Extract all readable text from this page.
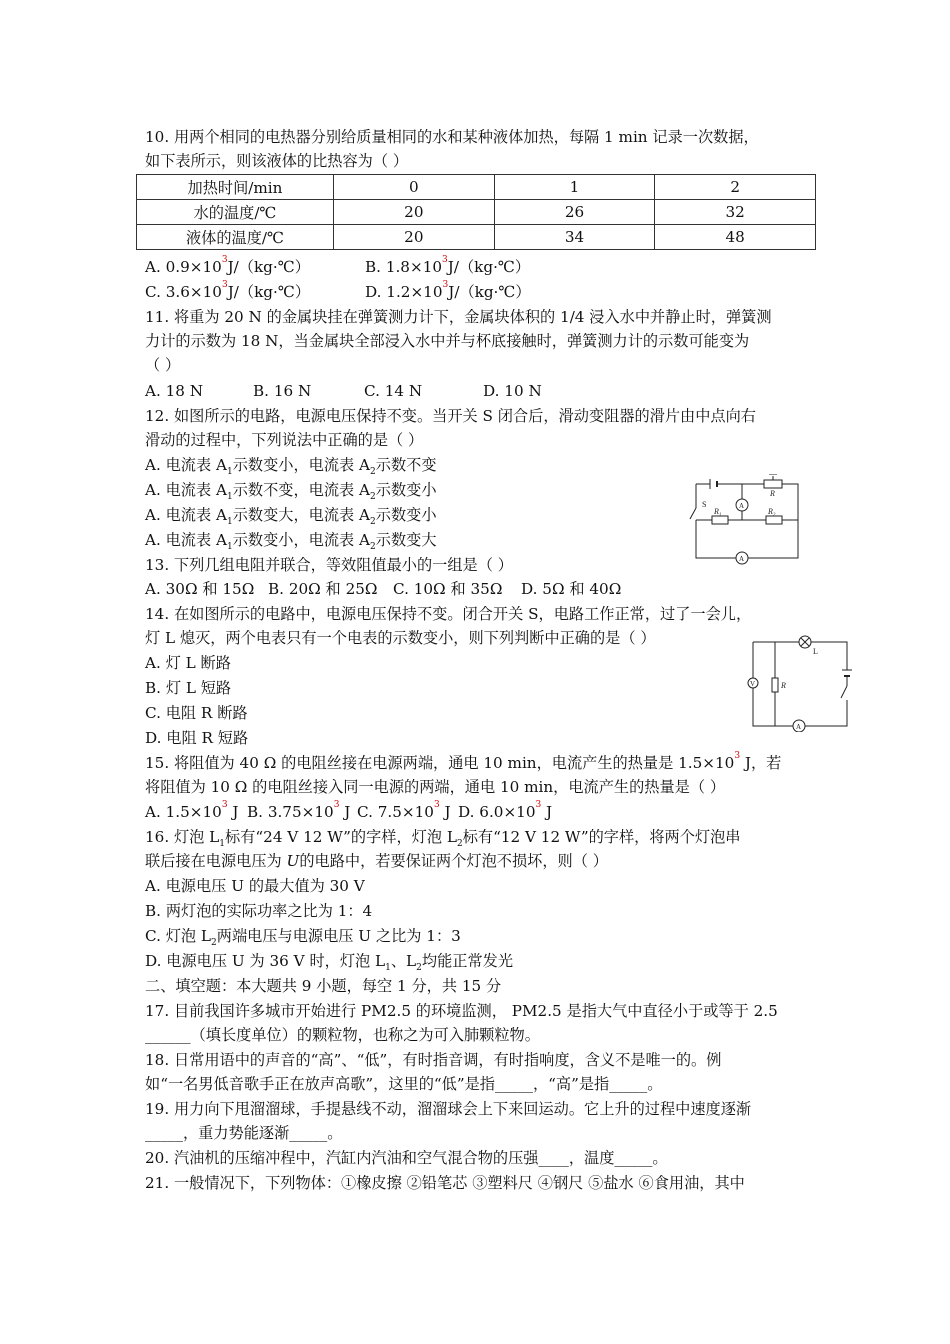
10. 用两个相同的电热器分别给质量相同的水和某种液体加热，每隔 1 min 记录一次数据，
如下表所示，则该液体的比热容为（ ）
加热时间/min	0	1	2
水的温度/℃	20	26	32
液体的温度/℃	20	34	48
A. $0.9\times 10^3J/(kg\cdot℃)$	B. $1.8\times 10^3J/(kg\cdot℃)$
C. $3.6\times 10^3J/(kg\cdot℃)$	D. $1.2\times 10^3J/(kg\cdot℃)$
11. 将重为 20 N 的金属块挂在弹簧测力计下，金属块体积的 1/4 浸入水中并静止时，弹簧测
力计的示数为 18 N，当金属块全部浸入水中并与杯底接触时，弹簧测力计的示数可能变为
（ ）
A. 18 N	B. 16 N	C. 14 N	D. 10 N
12. 如图所示的电路，电源电压保持不变。当开关 S 闭合后，滑动变阻器的滑片由中点向右
滑动的过程中，下列说法中正确的是（ ）
A. 电流表 A1示数变小，电流表 A2示数不变
A. 电流表 A1示数不变，电流表 A2示数变小
A. 电流表 A1示数变大，电流表 A2示数变小
A. 电流表 A1示数变小，电流表 A2示数变大
S
R
$R_1$	$R_2$
A
A
13. 下列几组电阻并联合，等效阻值最小的一组是（ ）
A. 30Ω 和 15Ω B. 20Ω 和 25Ω C. 10Ω 和 35Ω D. 5Ω 和 40Ω
14. 在如图所示的电路中，电源电压保持不变。闭合开关 S，电路工作正常，过了一会儿，
灯 L 熄灭，两个电表只有一个电表的示数变小，则下列判断中正确的是（ ）
A. 灯 L 断路
B. 灯 L 短路
C. 电阻 R 断路
D. 电阻 R 短路
L
V	R
A
15. 将阻值为 40 Ω 的电阻丝接在电源两端，通电 10 min，电流产生的热量是 $1.5\times 10^3$ J，若
将阻值为 10 Ω 的电阻丝接入同一电源的两端，通电 10 min，电流产生的热量是（ ）
A. $1.5\times 10^3$ J B. $3.75\times 10^3$ J C. $7.5\times 10^3$ J D. $6.0\times 10^3$ J
16. 灯泡 L1标有“24 V 12 W”的字样，灯泡 L2标有“12 V 12 W”的字样，将两个灯泡串
联后接在电源电压为 U的电路中，若要保证两个灯泡不损坏，则（ ）
A. 电源电压 U 的最大值为 30 V
B. 两灯泡的实际功率之比为 1：4
C. 灯泡 L2两端电压与电源电压 U 之比为 1：3
D. 电源电压 U 为 36 V 时，灯泡 L1、L2均能正常发光
二、填空题：本大题共 9 小题，每空 1 分，共 15 分
17. 目前我国许多城市开始进行 PM2.5 的环境监测， PM2.5 是指大气中直径小于或等于 2.5
______（填长度单位）的颗粒物，也称之为可入肺颗粒物。
18. 日常用语中的声音的“高”、“低”，有时指音调，有时指响度，含义不是唯一的。例
如“一名男低音歌手正在放声高歌”，这里的“低”是指_____，“高”是指_____。
19. 用力向下甩溜溜球，手提悬线不动，溜溜球会上下来回运动。它上升的过程中速度逐渐
_____，重力势能逐渐_____。
20. 汽油机的压缩冲程中，汽缸内汽油和空气混合物的压强____，温度_____。
21. 一般情况下，下列物体：①橡皮擦 ②铅笔芯 ③塑料尺 ④钢尺 ⑤盐水 ⑥食用油，其中
